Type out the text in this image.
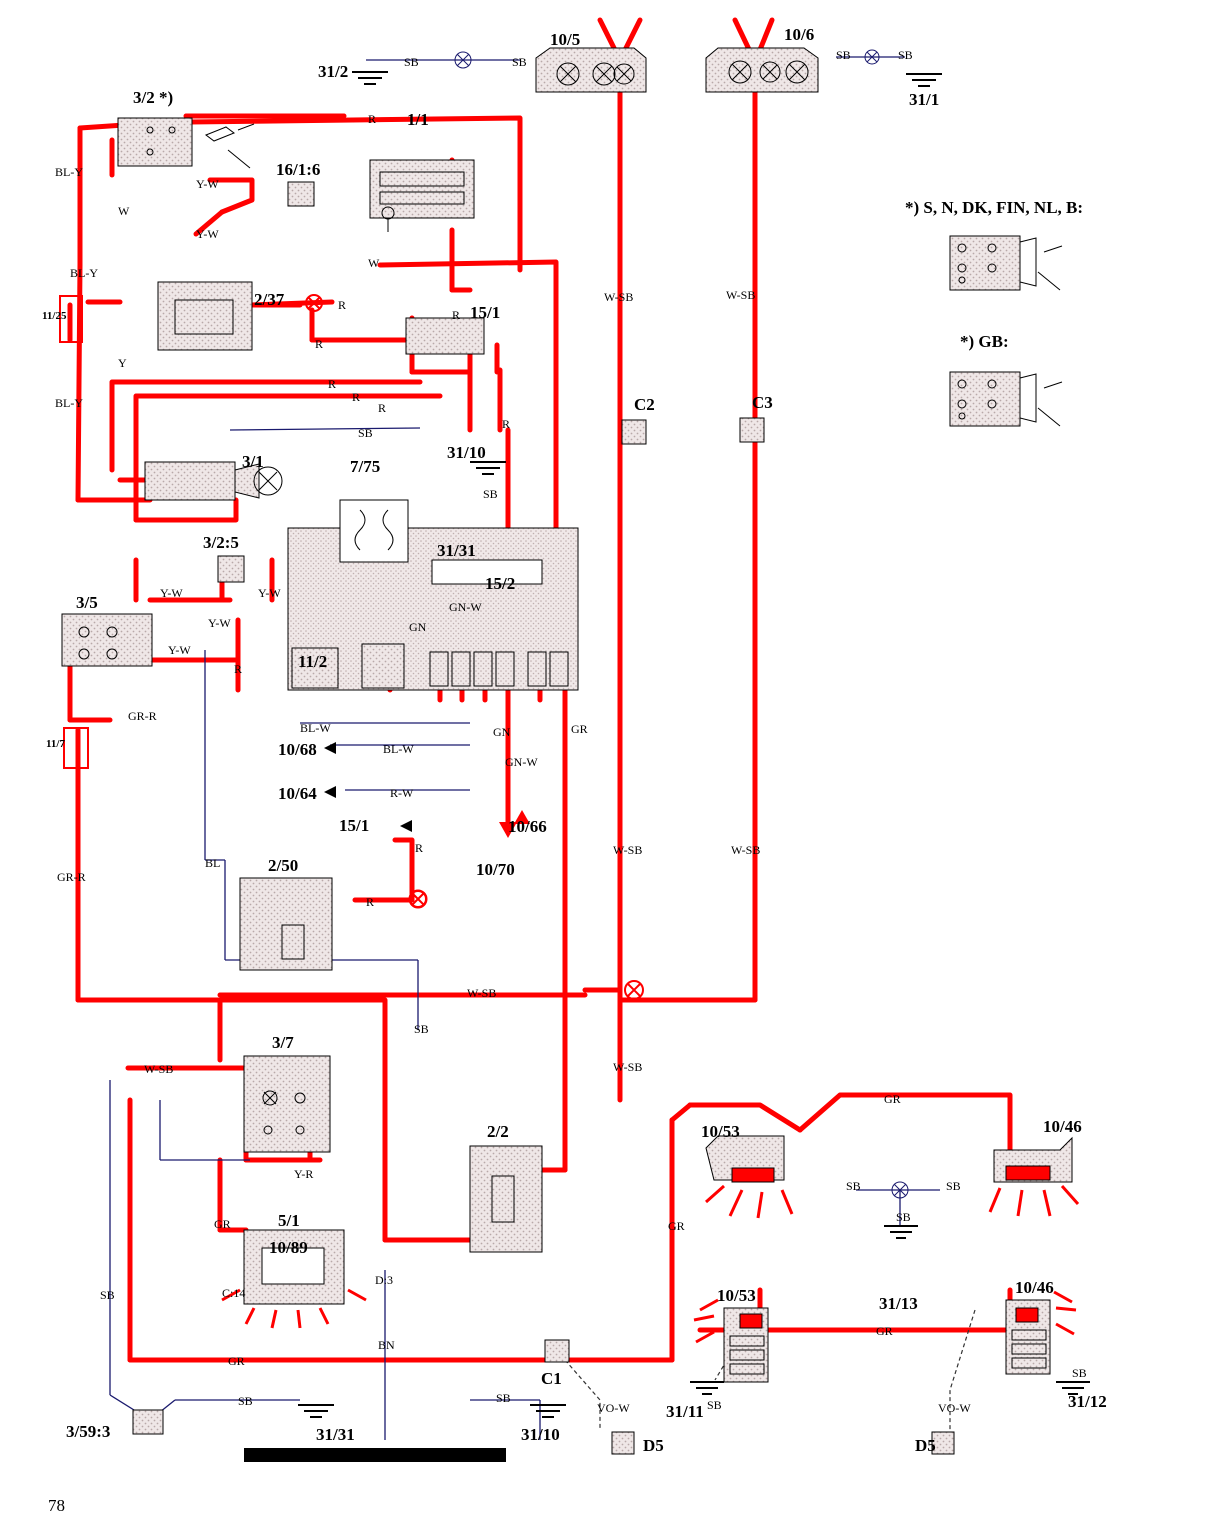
3/2 *)
1/1
10/5	10/6
31/2
31/1
16/1:6
2/37
15/1
11/25
3/1	7/75
31/10
C2	C3
3/2:5	31/31
15/2
3/5
11/2
10/68
10/64
10/66
10/70
15/1
11/7
2/50
3/7
2/2
5/1
10/89
10/53	10/46
10/53	10/46
31/13
31/11
31/12
C1
D5	D5
3/59:3	31/31	31/10
*) S, N, DK, FIN, NL, B:
*) GB:
SB	SB	SB	SB
R
BL-Y
Y-W
W
Y-W
W
BL-Y
R
R
W-SB	W-SB
R
Y
R
R
R
BL-Y
R
SB
SB
GN-W
GN
Y-W	Y-W
Y-W
Y-W
R
GR-R
BL-W
BL-W
R-W
GN
GN-W
GR
W-SB	W-SB
BL
R
R
GR-R
W-SB
SB
W-SB
W-SB
GR
Y-R
SB	SB
SB
GR	GR
SB
D:3
C:14
BN
GR
GR
SB	SB	SB
SB
VO-W	VO-W
78
